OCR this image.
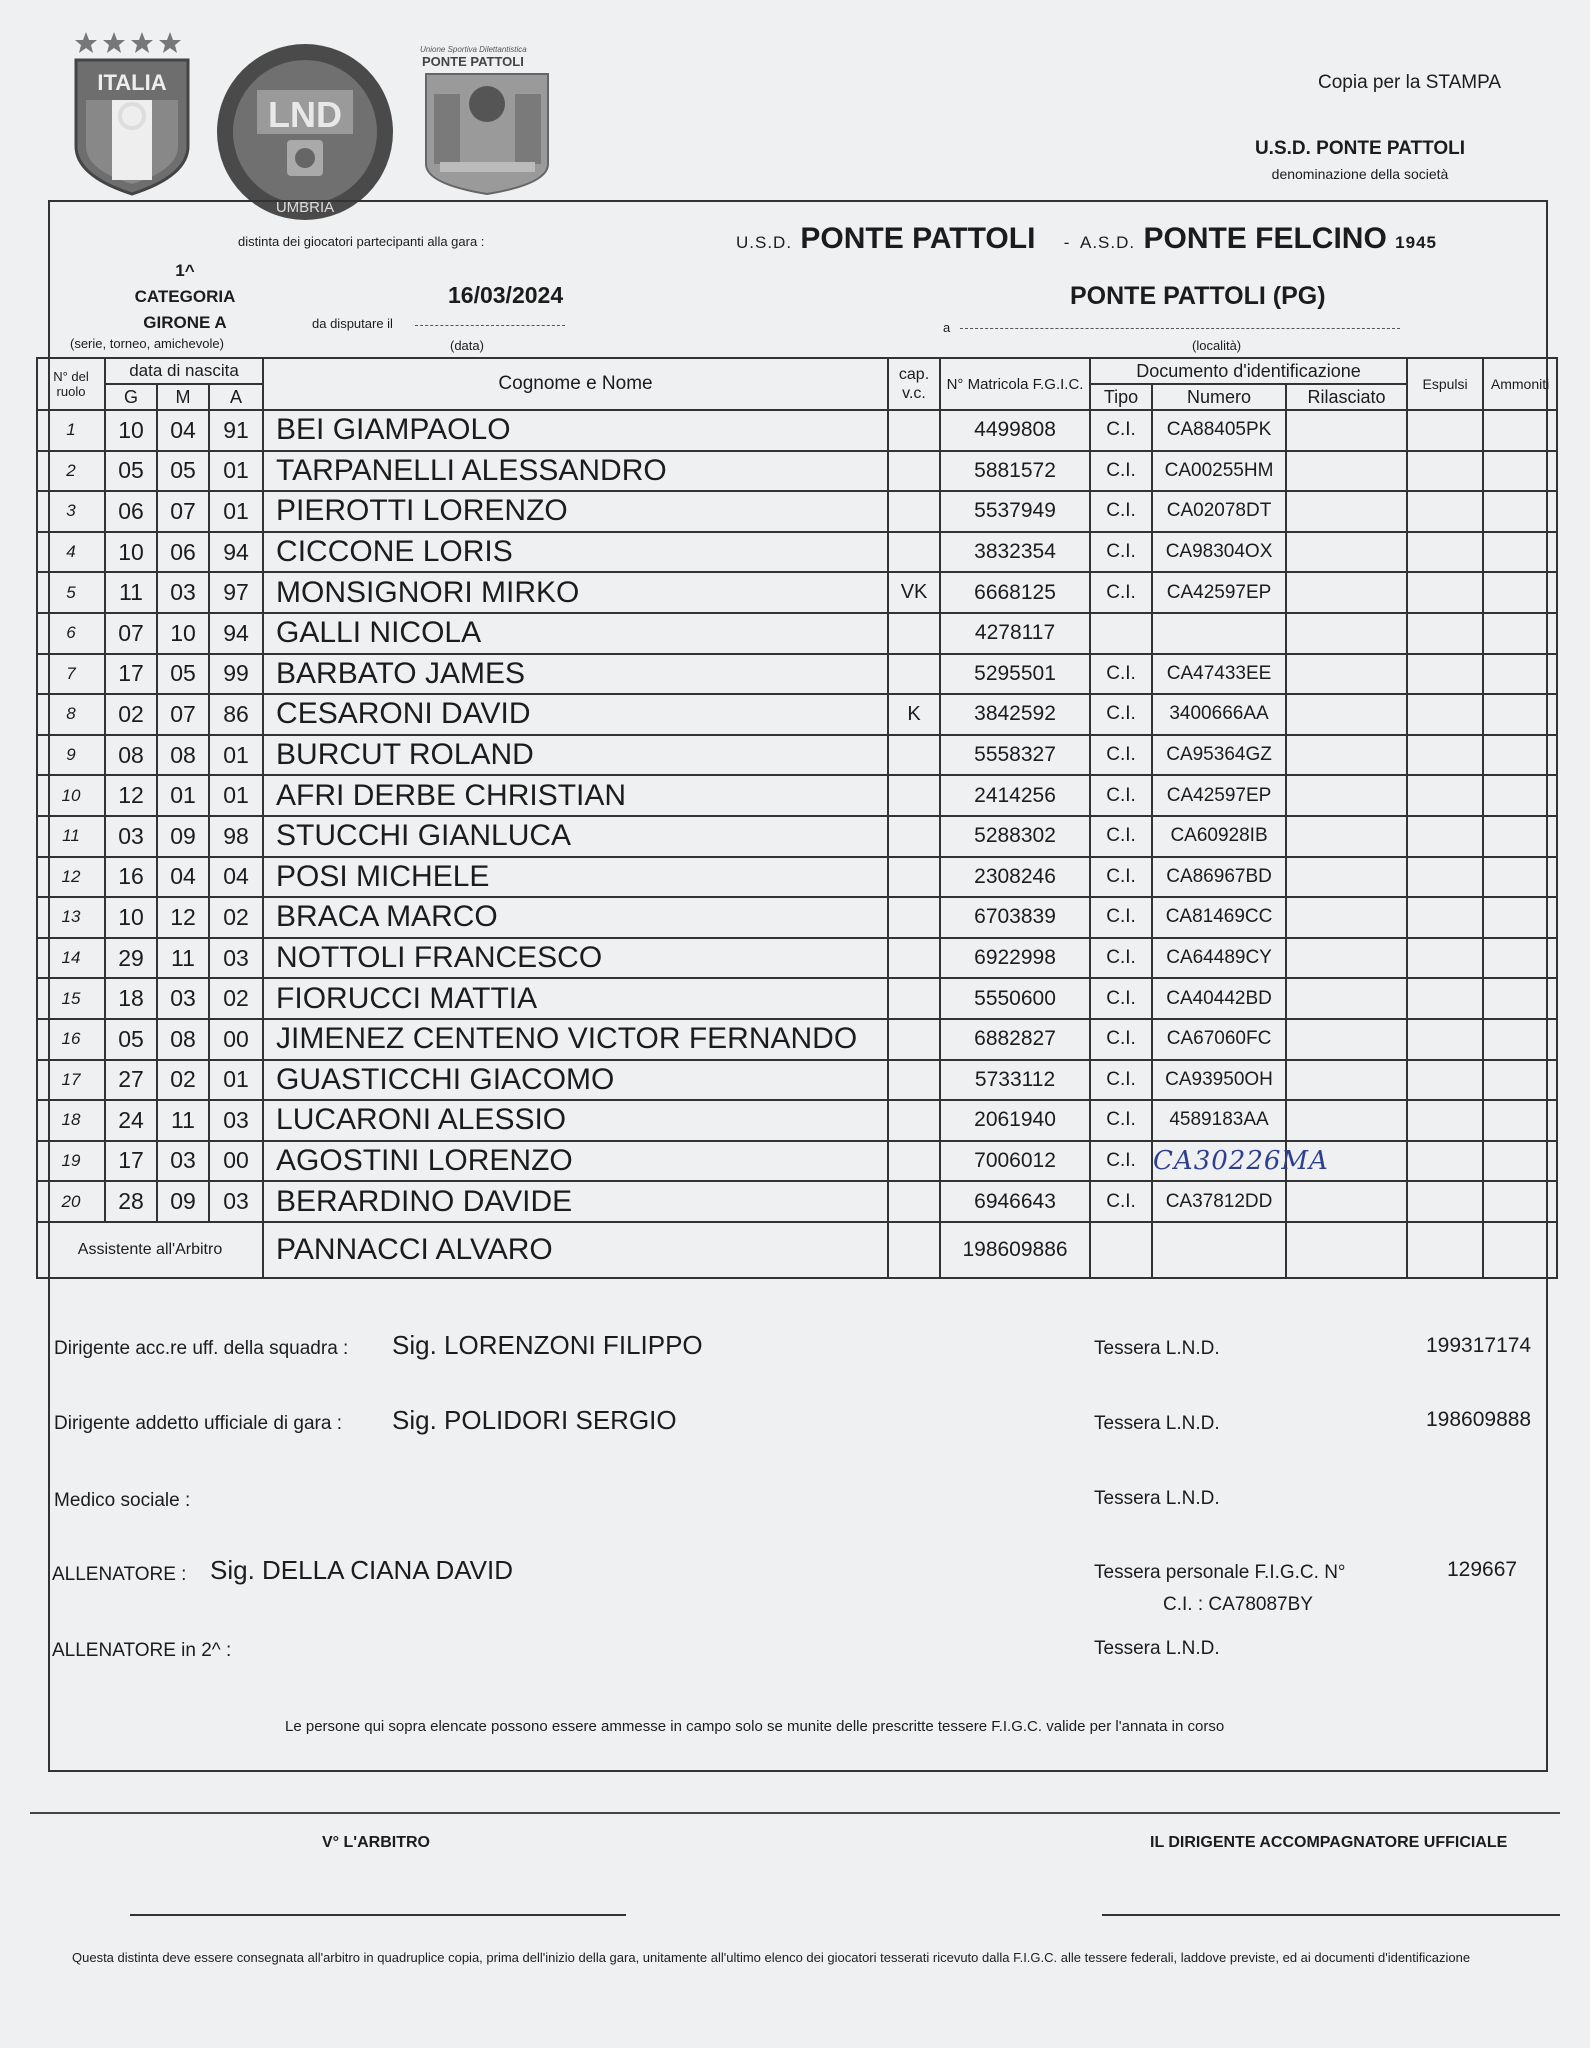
ITALIA
LND
UMBRIA
Unione Sportiva Dilettantistica
PONTE PATTOLI
Copia per la STAMPA
U.S.D. PONTE PATTOLI
denominazione della società
distinta dei giocatori partecipanti alla gara :	U.S.D. PONTE PATTOLI - A.S.D. PONTE FELCINO 1945
1^
CATEGORIA
GIRONE A
(serie, torneo, amichevole)
16/03/2024
da disputare il
(data)
PONTE PATTOLI (PG)
a
(località)
N° del ruolo	data di nascita			Cognome e Nome	cap. v.c.	N° Matricola F.G.I.C.	Documento d'identificazione			Espulsi	Ammoniti
	G	M	A				Tipo	Numero	Rilasciato		
1	10	04	91	BEI GIAMPAOLO		4499808	C.I.	CA88405PK			
2	05	05	01	TARPANELLI ALESSANDRO		5881572	C.I.	CA00255HM			
3	06	07	01	PIEROTTI LORENZO		5537949	C.I.	CA02078DT			
4	10	06	94	CICCONE LORIS		3832354	C.I.	CA98304OX			
5	11	03	97	MONSIGNORI MIRKO	VK	6668125	C.I.	CA42597EP			
6	07	10	94	GALLI NICOLA		4278117					
7	17	05	99	BARBATO JAMES		5295501	C.I.	CA47433EE			
8	02	07	86	CESARONI DAVID	K	3842592	C.I.	3400666AA			
9	08	08	01	BURCUT ROLAND		5558327	C.I.	CA95364GZ			
10	12	01	01	AFRI DERBE CHRISTIAN		2414256	C.I.	CA42597EP			
11	03	09	98	STUCCHI GIANLUCA		5288302	C.I.	CA60928IB			
12	16	04	04	POSI MICHELE		2308246	C.I.	CA86967BD			
13	10	12	02	BRACA MARCO		6703839	C.I.	CA81469CC			
14	29	11	03	NOTTOLI FRANCESCO		6922998	C.I.	CA64489CY			
15	18	03	02	FIORUCCI MATTIA		5550600	C.I.	CA40442BD			
16	05	08	00	JIMENEZ CENTENO VICTOR FERNANDO		6882827	C.I.	CA67060FC			
17	27	02	01	GUASTICCHI GIACOMO		5733112	C.I.	CA93950OH			
18	24	11	03	LUCARONI ALESSIO		2061940	C.I.	4589183AA			
19	17	03	00	AGOSTINI LORENZO		7006012	C.I.	CA30226MA			
20	28	09	03	BERARDINO DAVIDE		6946643	C.I.	CA37812DD			
Assistente all'Arbitro				PANNACCI ALVARO		198609886					
Dirigente acc.re uff. della squadra : Sig. LORENZONI FILIPPO	Tessera L.N.D.	199317174
Dirigente addetto ufficiale di gara : Sig. POLIDORI SERGIO	Tessera L.N.D.	198609888
Medico sociale :	Tessera L.N.D.
ALLENATORE : Sig. DELLA CIANA DAVID	Tessera personale F.I.G.C. N°	129667
C.I. : CA78087BY
ALLENATORE in 2^ :	Tessera L.N.D.
Le persone qui sopra elencate possono essere ammesse in campo solo se munite delle prescritte tessere F.I.G.C. valide per l'annata in corso
V° L'ARBITRO	IL DIRIGENTE ACCOMPAGNATORE UFFICIALE
Questa distinta deve essere consegnata all'arbitro in quadruplice copia, prima dell'inizio della gara, unitamente all'ultimo elenco dei giocatori tesserati ricevuto dalla F.I.G.C. alle tessere federali, laddove previste, ed ai documenti d'identificazione
